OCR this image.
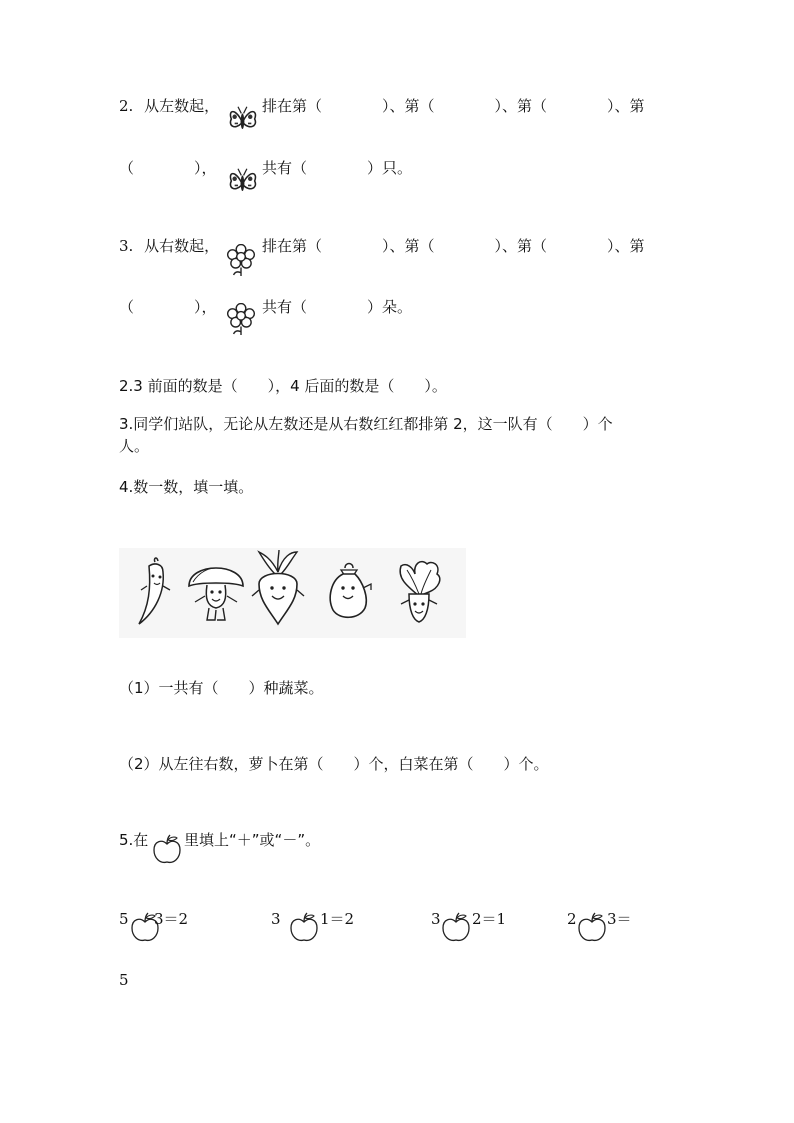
2. 从左数起，	排在第（　　　　）、第（　　　　）、第（　　　　）、第
（　　　　），	共有（　　　　）只。
3. 从右数起，	排在第（　　　　）、第（　　　　）、第（　　　　）、第
（　　　　），	共有（　　　　）朵。
2.3 前面的数是（　　），4 后面的数是（　　）。
3.同学们站队，无论从左数还是从右数红红都排第 2，这一队有（　　）个
人。
4.数一数，填一填。
（1）一共有（　　）种蔬菜。
（2）从左往右数，萝卜在第（　　）个，白菜在第（　　）个。
5.在 里填上“＋”或“－”。
5 3＝2	3	1＝2	3 2＝1	2 3＝
5
